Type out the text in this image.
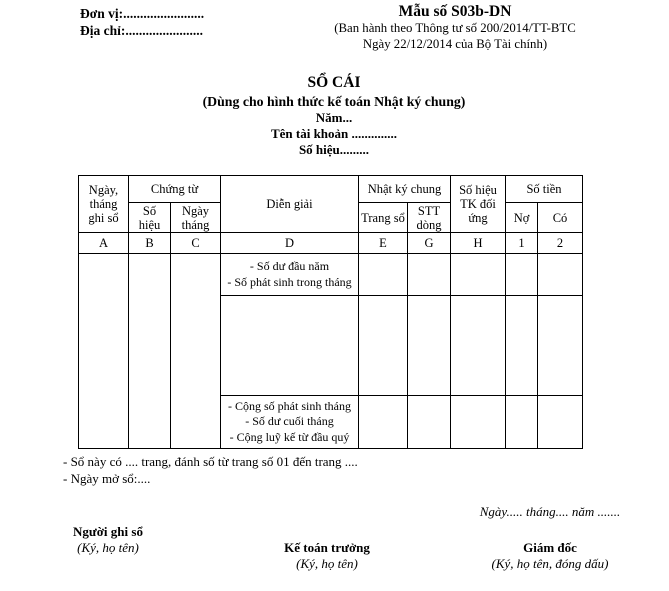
Đơn vị:........................
Địa chỉ:.......................
Mẫu số S03b-DN
(Ban hành theo Thông tư số 200/2014/TT-BTC
Ngày 22/12/2014 của Bộ Tài chính)
SỔ CÁI
(Dùng cho hình thức kế toán Nhật ký chung)
Năm...
Tên tài khoản ..............
Số hiệu.........
Ngày, tháng ghi sổ	Chứng từ		Diễn giải	Nhật ký chung		Số hiệu TK đối ứng	Số tiền	
	Số hiệu	Ngày tháng		Trang sổ	STT dòng		Nợ	Có
A	B	C	D	E	G	H	1	2

			- Số dư đầu năm
- Số phát sinh trong tháng					

			- Cộng số phát sinh tháng
- Số dư cuối tháng
- Cộng luỹ kế từ đầu quý					

- Sổ này có .... trang, đánh số từ trang số 01 đến trang ....
- Ngày mở sổ:....
Ngày..... tháng.... năm .......
Người ghi sổ
(Ký, họ tên)	Kế toán trưởng
(Ký, họ tên)
Giám đốc
(Ký, họ tên, đóng dấu)
